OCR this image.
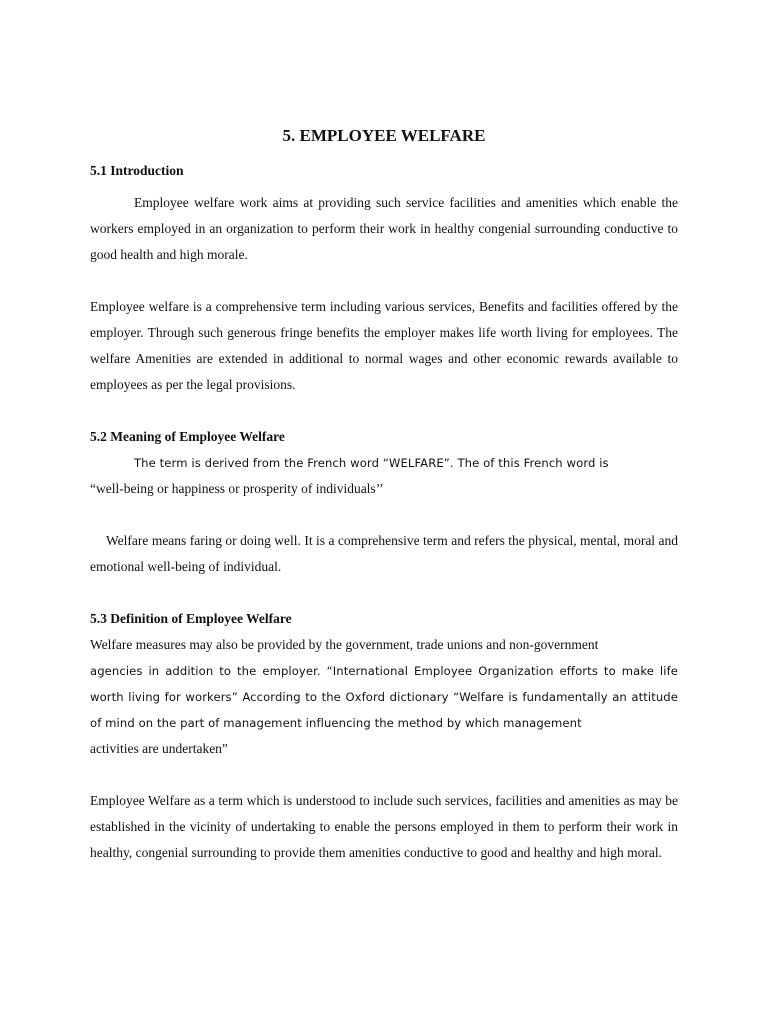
5. EMPLOYEE WELFARE
5.1 Introduction

Employee welfare work aims at providing such service facilities and amenities which enable the workers employed in an organization to perform their work in healthy congenial surrounding conductive to good health and high morale.

Employee welfare is a comprehensive term including various services, Benefits and facilities offered by the employer. Through such generous fringe benefits the employer makes life worth living for employees. The welfare Amenities are extended in additional to normal wages and other economic rewards available to employees as per the legal provisions.

5.2 Meaning of Employee Welfare

The term is derived from the French word “WELFARE”. The of this French word is

“well-being or happiness or prosperity of individuals’’

Welfare means faring or doing well. It is a comprehensive term and refers the physical, mental, moral and emotional well-being of individual.

5.3 Definition of Employee Welfare

Welfare measures may also be provided by the government, trade unions and non-government

agencies in addition to the employer. “International Employee Organization efforts to make life worth living for workers” According to the Oxford dictionary “Welfare is fundamentally an attitude of mind on the part of management influencing the method by which management

activities are undertaken”

Employee Welfare as a term which is understood to include such services, facilities and amenities as may be established in the vicinity of undertaking to enable the persons employed in them to perform their work in healthy, congenial surrounding to provide them amenities conductive to good and healthy and high moral.
